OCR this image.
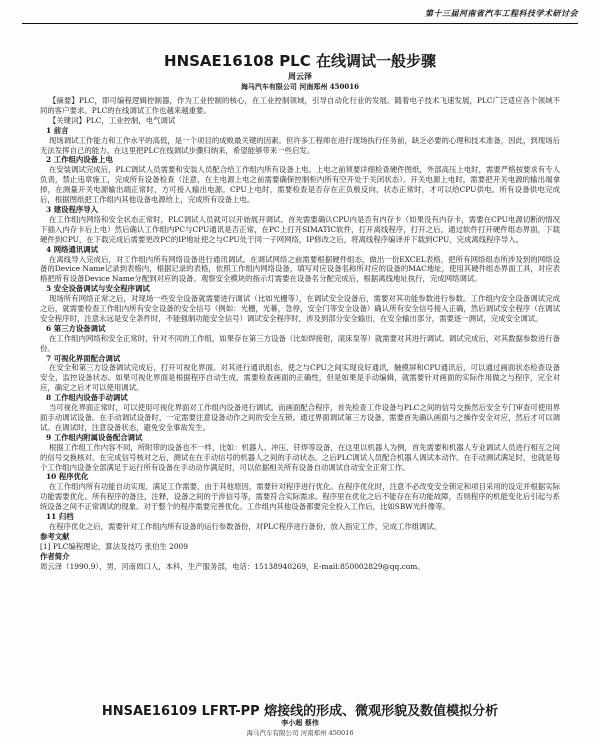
第十三届河南省汽车工程科技学术研讨会
HNSAE16108 PLC 在线调试一般步骤
周云泽
海马汽车有限公司 河南郑州 450016

【摘要】PLC，即可编程逻辑控制器，作为工业控制的核心，在工业控制领域，引导自动化行业的发展。随着电子技术飞速发展，PLC广泛适应各个领域不同的客户要求。PLC的在线调试工作也越来越重要。

【关键词】PLC，工业控制，电气调试

1 前言

现场调试工作能力和工作水平的高低，是一个项目的成败最关键的因素。但许多工程师在进行现场执行任务前，缺乏必要的心理和技术准备，因此，到现场后无法发挥自己的能力。在这里把PLC在线调试步骤归纳来，希望能够带来一些启发。

2 工作组内设备上电

在安装调试完成后，PLC调试人员需要和安装人员配合给工作组内所有设备上电。上电之前须要详细检查硬件图纸，外部高压上电时，需要严格按要求有专人负责，禁止违章施工，完成所有设备检查（注意，在主电源上电之前需要确保控制柜内所有空开处于关闭状态）。开关电源上电时，需要把开关电源的输出端拿掉，在测量开关电源输出端正常时，方可接入输出电源。CPU上电时，需要检查是否存在正负极反向，状态正常时，才可以给CPU供电。所有设备供电完成后，根据图纸把工作组内其他设备电源给上，完成所有设备上电。

3 建设程序导入

在工作组内网络和安全状态正常时，PLC调试人员就可以开始展开调试。首先需要确认CPU内是否有内存卡（如果没有内存卡，需要在CPU电源切断的情况下插入内存卡后上电）然后确认工作组内PC与CPU通讯是否正常，在PC上打开SIMATIC软件，打开离线程序，打开之后，通过软件打开硬件组态界面，下载硬件到CPU，在下载完成后需要更改PC的IP地址使之与CPU处于同一子网网络，IP修改之后，将离线程序编译并下载到CPU，完成离线程序导入。

4 网络通讯调试

在离线导入完成后，对工作组内所有网络设备进行通讯调试。在调试网络之前需要根据硬件组态，做出一份EXCEL表格，把所有网络组态所涉及到的网络设备的Device Name记录到表格内，根据记录的表格，依照工作组内网络设备，填写对应设备名称所对应的设备的MAC地址，使用其硬件组态界面工具，对应表格把所有设备Device Name分配到对应的设备。观察安全模块的指示灯需要在设备名分配完成后，根据离线地址执行，完成网络调试。

5 安全设备调试与安全程序调试

现场所有网络正常之后，对现场一些安全设备就需要进行调试（比如光栅等），在调试安全设备后，需要对其功能参数进行参数。工作组内安全设备调试完成之后，就需要检查工作组内所有安全设备的安全信号（例如：光栅，光幕，急停，安全门等安全设备）确认所有安全信号接入正确，然后调试安全程序（在调试安全程序时，注意永远是安全条件时，不能强制功能安全信号）调试安全程序时，涉及到部分安全输出，在安全输出部分，需要逐一测试，完成安全调试。

6 第三方设备调试

在工作组内网络和安全正常时，针对不同的工作组，如果存在第三方设备（比如焊接钳，滚床泵等）就需要对其进行调试。调试完成后，对其数据参数进行备份。

7 可视化界面配合调试

在安全和第三方设备调试完成后，打开可视化界面。对其进行通讯组态，使之与CPU之间实现良好通讯，触摸屏和CPU通讯后，可以通过画面状态检查设备安全，监控设备状态。如果可视化界面是根据程序自动生成，需要检查画面的正确性，但是如果是手动编辑，就需要针对画面的实际作用做之与程序，完全对应，确定之后才可以使用调试。

8 工作组内设备手动调试

当可视化界面正常时，可以使用可视化界面对工作组内设备进行调试。而画面配合程序，首先检查工作设备与PLC之间的信号交换然后安全专门审查可使用界面手动调试设备。在手动调试设备时，一定需要注意设备动作之间的安全互锁。通过界面调试第三方设备，需要首先确认画面与之操作安全对应，然后才可以调试。在调试时，注意设备状态，避免安全事故发生。

9 工作组内附属设备配合调试

根据工作组工作内容不同，所附带的设备也不一样，比如：机器人、冲压、钎焊等设备，在这里以机器人为例，首先需要和机器人专业调试人员进行相互之间的信号交换核对。在完成信号核对之后，测试在在手动信号的机器人之间的手动状态。之后PLC调试人员配合机器人调试本动作。在手动测试满足时，也就是每个工作组内设备全部满足于运行所有设备在手动动作满足时，可以依据相关所有设备自动调试自动安全正常工作。

10 程序优化

在工作组内所有功能自动实现、满足工作需要，由于其他原因，需要针对程序进行优化。在程序优化时，注意不必改变安全锁定和项目采用的设定并根据实际功能需要优化。所有程序的备注，注释，设备之间的干涉信号等，需要符合实际需求。程序里在优化之后不能存在有功能故障，否则程序的机能变化后引起与系统设备之间不正常调试的现象。对于整个的程序需要完善优化。工作组内其他设备都要完全投入工作后，比如SBW光纤像等。

11 归档

在程序优化之后，需要针对工作组内所有设备的运行参数备份，对PLC程序进行备份，放入指定工作，完成工作组调试。

参考文献

[1] PLC编程理论，算法及技巧 张伯生 2009

作者简介

周云泽（1990.9），男，河南周口人，本科，生产服务部，电话：15138940269，E-mail:850002829@qq.com。

HNSAE16109 LFRT-PP 熔接线的形成、微观形貌及数值模拟分析
李小超 蔡伟
海马汽车有限公司 河南郑州 450016
